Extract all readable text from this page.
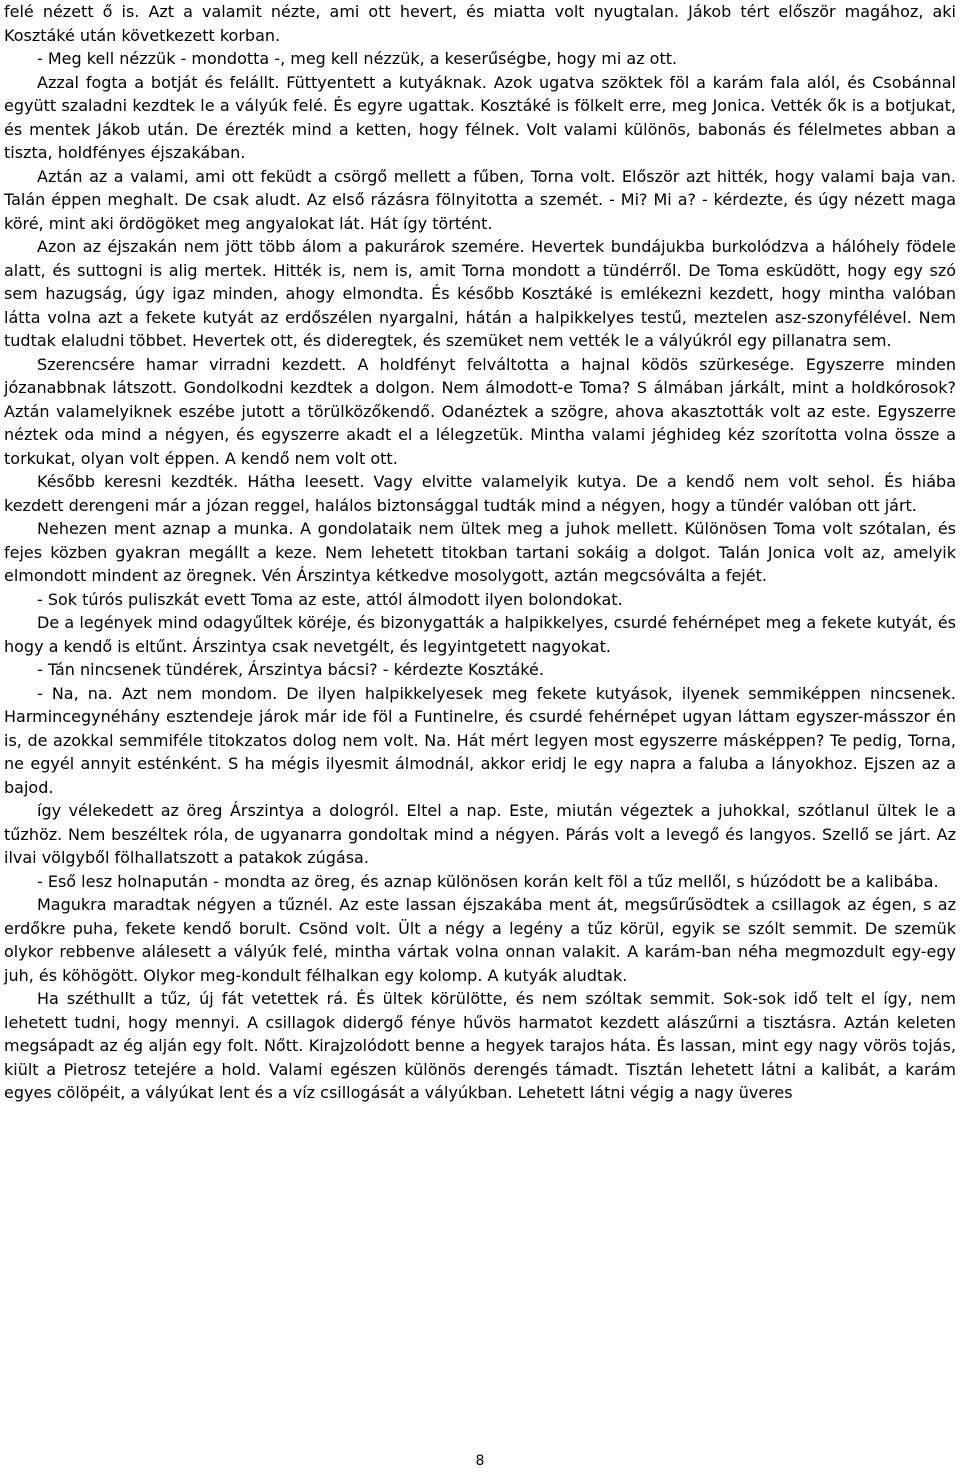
felé nézett ő is. Azt a valamit nézte, ami ott hevert, és miatta volt nyugtalan. Jákob tért először magához, aki Kosztáké után következett korban.

- Meg kell nézzük - mondotta -, meg kell nézzük, a keserűségbe, hogy mi az ott.

Azzal fogta a botját és felállt. Füttyentett a kutyáknak. Azok ugatva szöktek föl a karám fala alól, és Csobánnal együtt szaladni kezdtek le a vályúk felé. És egyre ugattak. Kosztáké is fölkelt erre, meg Jonica. Vették ők is a botjukat, és mentek Jákob után. De érezték mind a ketten, hogy félnek. Volt valami különös, babonás és félelmetes abban a tiszta, holdfényes éjszakában.

Aztán az a valami, ami ott feküdt a csörgő mellett a fűben, Torna volt. Először azt hitték, hogy valami baja van. Talán éppen meghalt. De csak aludt. Az első rázásra fölnyitotta a szemét. - Mi? Mi a? - kérdezte, és úgy nézett maga köré, mint aki ördögöket meg angyalokat lát. Hát így történt.

Azon az éjszakán nem jött több álom a pakurárok szemére. Hevertek bundájukba burkolódzva a hálóhely födele alatt, és suttogni is alig mertek. Hitték is, nem is, amit Torna mondott a tündérről. De Toma esküdött, hogy egy szó sem hazugság, úgy igaz minden, ahogy elmondta. És később Kosztáké is emlékezni kezdett, hogy mintha valóban látta volna azt a fekete kutyát az erdőszélen nyargalni, hátán a halpikkelyes testű, meztelen asz-szonyfélével. Nem tudtak elaludni többet. Hevertek ott, és dideregtek, és szemüket nem vették le a vályúkról egy pillanatra sem.

Szerencsére hamar virradni kezdett. A holdfényt felváltotta a hajnal ködös szürkesége. Egyszerre minden józanabbnak látszott. Gondolkodni kezdtek a dolgon. Nem álmodott-e Toma? S álmában járkált, mint a holdkórosok? Aztán valamelyiknek eszébe jutott a törülközőkendő. Odanéztek a szögre, ahova akasztották volt az este. Egyszerre néztek oda mind a négyen, és egyszerre akadt el a lélegzetük. Mintha valami jéghideg kéz szorította volna össze a torkukat, olyan volt éppen. A kendő nem volt ott.

Később keresni kezdték. Hátha leesett. Vagy elvitte valamelyik kutya. De a kendő nem volt sehol. És hiába kezdett derengeni már a józan reggel, halálos biztonsággal tudták mind a négyen, hogy a tündér valóban ott járt.

Nehezen ment aznap a munka. A gondolataik nem ültek meg a juhok mellett. Különösen Toma volt szótalan, és fejes közben gyakran megállt a keze. Nem lehetett titokban tartani sokáig a dolgot. Talán Jonica volt az, amelyik elmondott mindent az öregnek. Vén Árszintya kétkedve mosolygott, aztán megcsóválta a fejét.

- Sok túrós puliszkát evett Toma az este, attól álmodott ilyen bolondokat.

De a legények mind odagyűltek köréje, és bizonygatták a halpikkelyes, csurdé fehérnépet meg a fekete kutyát, és hogy a kendő is eltűnt. Árszintya csak nevetgélt, és legyintgetett nagyokat.

- Tán nincsenek tündérek, Árszintya bácsi? - kérdezte Kosztáké.

- Na, na. Azt nem mondom. De ilyen halpikkelyesek meg fekete kutyások, ilyenek semmiképpen nincsenek. Harmincegynéhány esztendeje járok már ide föl a Funtinelre, és csurdé fehérnépet ugyan láttam egyszer-másszor én is, de azokkal semmiféle titokzatos dolog nem volt. Na. Hát mért legyen most egyszerre másképpen? Te pedig, Torna, ne egyél annyit esténként. S ha mégis ilyesmit álmodnál, akkor eridj le egy napra a faluba a lányokhoz. Ejszen az a bajod.

így vélekedett az öreg Árszintya a dologról. Eltel a nap. Este, miután végeztek a juhokkal, szótlanul ültek le a tűzhöz. Nem beszéltek róla, de ugyanarra gondoltak mind a négyen. Párás volt a levegő és langyos. Szellő se járt. Az ilvai völgyből fölhallatszott a patakok zúgása.

- Eső lesz holnapután - mondta az öreg, és aznap különösen korán kelt föl a tűz mellől, s húzódott be a kalibába.

Magukra maradtak négyen a tűznél. Az este lassan éjszakába ment át, megsűrűsödtek a csillagok az égen, s az erdőkre puha, fekete kendő borult. Csönd volt. Ült a négy a legény a tűz körül, egyik se szólt semmit. De szemük olykor rebbenve alálesett a vályúk felé, mintha vártak volna onnan valakit. A karám-ban néha megmozdult egy-egy juh, és köhögött. Olykor meg-kondult félhalkan egy kolomp. A kutyák aludtak.

Ha széthullt a tűz, új fát vetettek rá. És ültek körülötte, és nem szóltak semmit. Sok-sok idő telt el így, nem lehetett tudni, hogy mennyi. A csillagok didergő fénye hűvös harmatot kezdett alászűrni a tisztásra. Aztán keleten megsápadt az ég alján egy folt. Nőtt. Kirajzolódott benne a hegyek tarajos háta. És lassan, mint egy nagy vörös tojás, kiült a Pietrosz tetejére a hold. Valami egészen különös derengés támadt. Tisztán lehetett látni a kalibát, a karám egyes cölöpéit, a vályúkat lent és a víz csillogását a vályúkban. Lehetett látni végig a nagy üveres

8
